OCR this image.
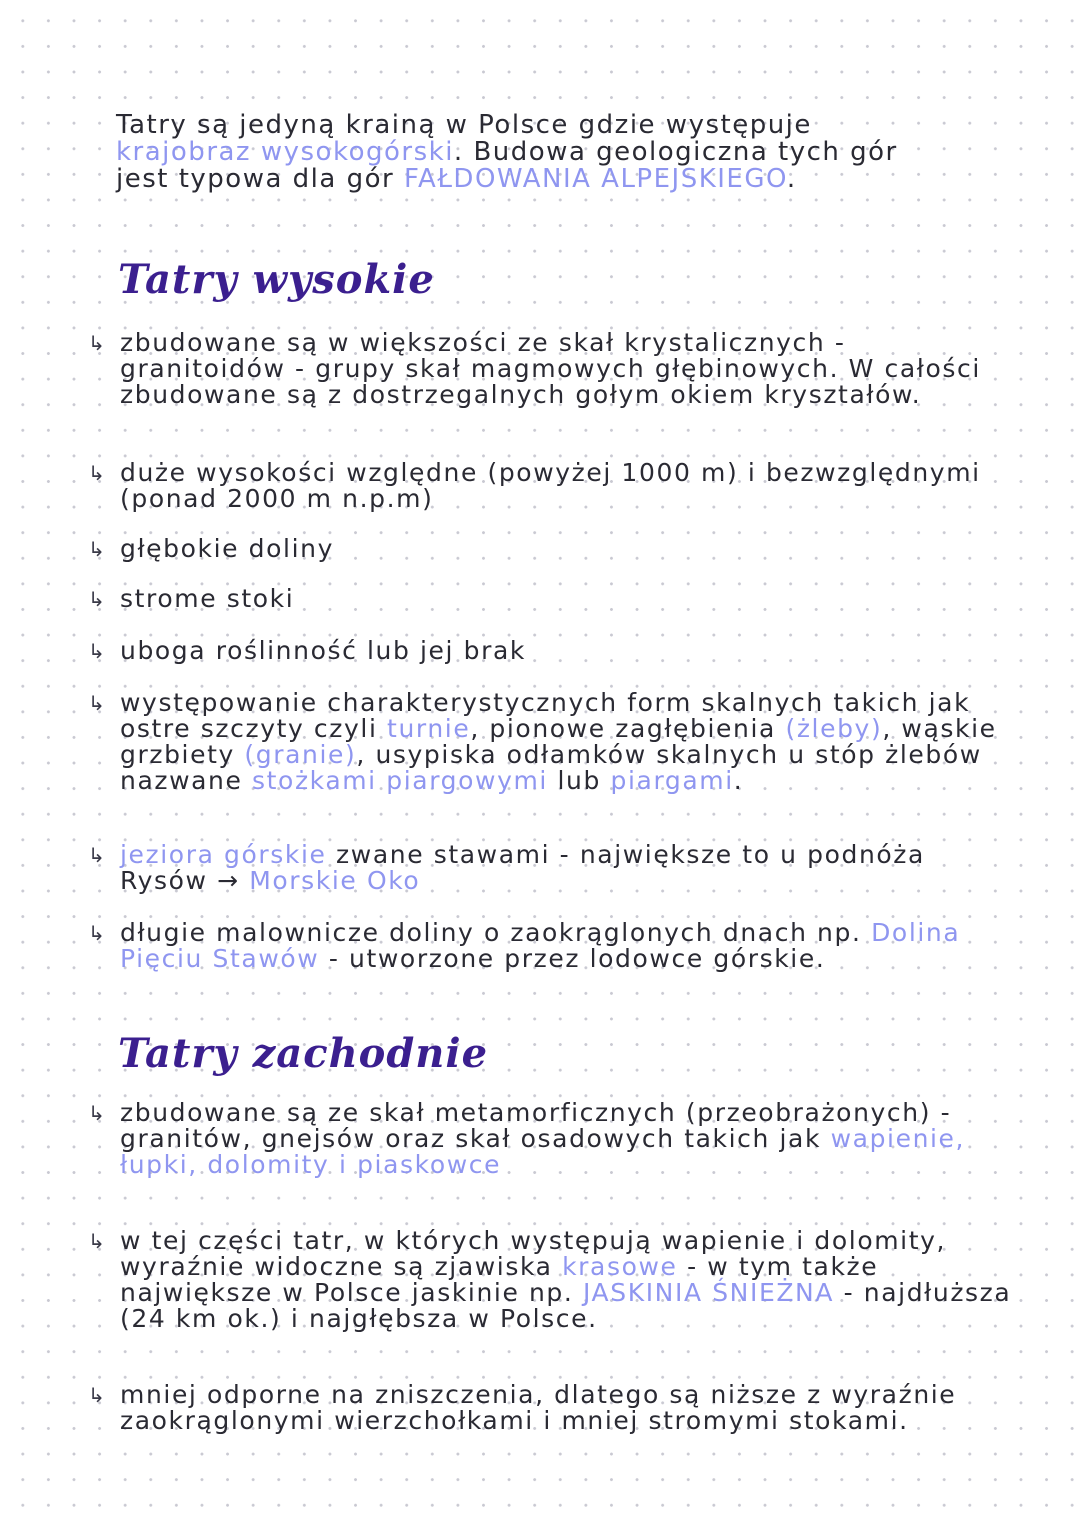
Tatry są jedyną krainą w Polsce gdzie występuje krajobraz wysokogórski. Budowa geologiczna tych gór jest typowa dla gór FAŁDOWANIA ALPEJSKIEGO.
Tatry wysokie
↳ zbudowane są w większości ze skał krystalicznych - granitoidów - grupy skał magmowych głębinowych. W całości zbudowane są z dostrzegalnych gołym okiem kryształów.
↳ duże wysokości względne (powyżej 1000 m) i bezwzględnymi (ponad 2000 m n.p.m)
↳ głębokie doliny
↳ strome stoki
↳ uboga roślinność lub jej brak
↳ występowanie charakterystycznych form skalnych takich jak ostre szczyty czyli turnie, pionowe zagłębienia (żleby), wąskie grzbiety (granie), usypiska odłamków skalnych u stóp żlebów nazwane stożkami piargowymi lub piargami.
↳ jeziora górskie zwane stawami - największe to u podnóża Rysów → Morskie Oko
↳ długie malownicze doliny o zaokrąglonych dnach np. Dolina Pięciu Stawów - utworzone przez lodowce górskie.
Tatry zachodnie
↳ zbudowane są ze skał metamorficznych (przeobrażonych) - granitów, gnejsów oraz skał osadowych takich jak wapienie, łupki, dolomity i piaskowce
↳ w tej części tatr, w których występują wapienie i dolomity, wyraźnie widoczne są zjawiska krasowe - w tym także największe w Polsce jaskinie np. JASKINIA ŚNIEŻNA - najdłuższa (24 km ok.) i najgłębsza w Polsce.
↳ mniej odporne na zniszczenia, dlatego są niższe z wyraźnie zaokrąglonymi wierzchołkami i mniej stromymi stokami.
